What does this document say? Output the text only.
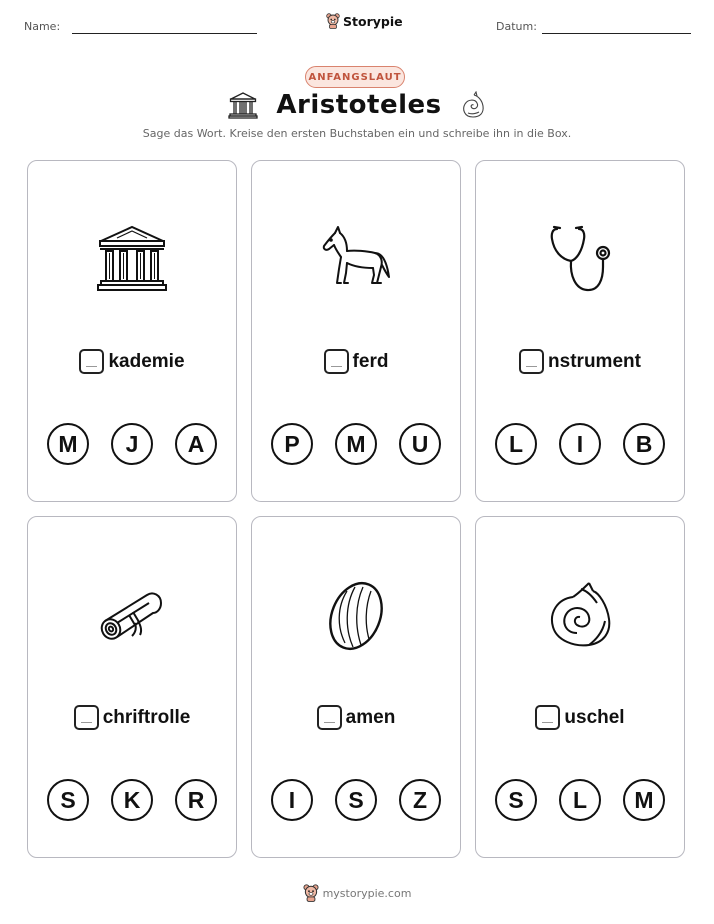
Name:	Storypie	Datum:
ANFANGSLAUT
Aristoteles
Sage das Wort. Kreise den ersten Buchstaben ein und schreibe ihn in die Box.
kademie
M	J	A
ferd
P	M	U
nstrument
L	I	B
chriftrolle
S	K	R
amen
I	S	Z
uschel
S	L	M
mystorypie.com
